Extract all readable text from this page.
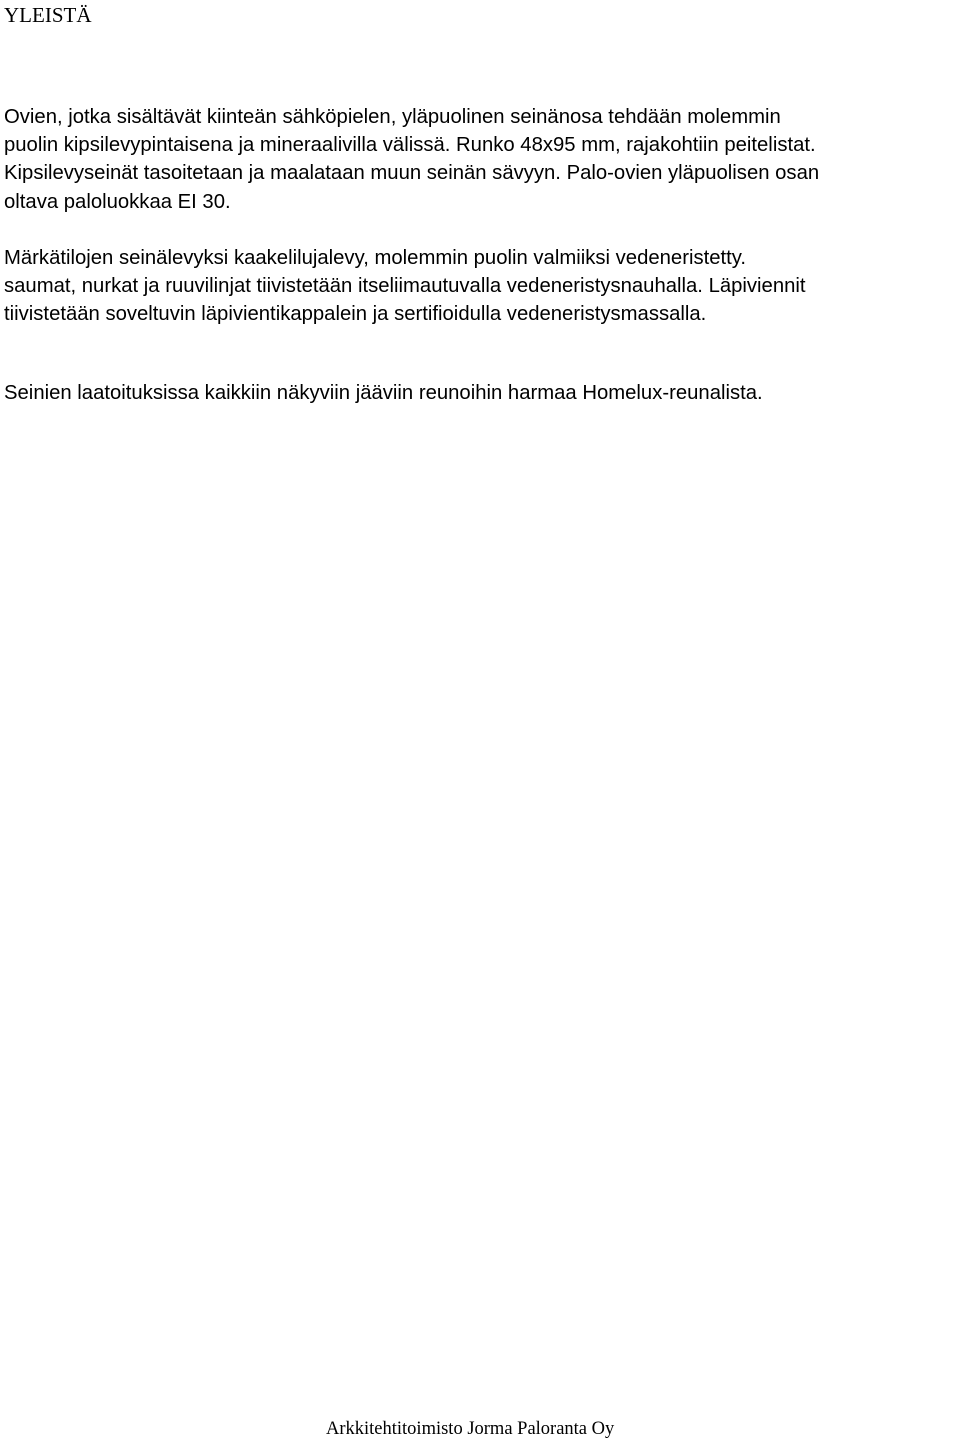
YLEISTÄ

Ovien, jotka sisältävät kiinteän sähköpielen, yläpuolinen seinänosa tehdään molemmin
puolin kipsilevypintaisena ja mineraalivilla välissä. Runko 48x95 mm, rajakohtiin peitelistat.
Kipsilevyseinät tasoitetaan ja maalataan muun seinän sävyyn. Palo-ovien yläpuolisen osan
oltava paloluokkaa EI 30.

Märkätilojen seinälevyksi kaakelilujalevy, molemmin puolin valmiiksi vedeneristetty.
saumat, nurkat ja ruuvilinjat tiivistetään itseliimautuvalla vedeneristysnauhalla. Läpiviennit
tiivistetään soveltuvin läpivientikappalein ja sertifioidulla vedeneristysmassalla.

Seinien laatoituksissa kaikkiin näkyviin jääviin reunoihin harmaa Homelux-reunalista.

Arkkitehtitoimisto Jorma Paloranta Oy
